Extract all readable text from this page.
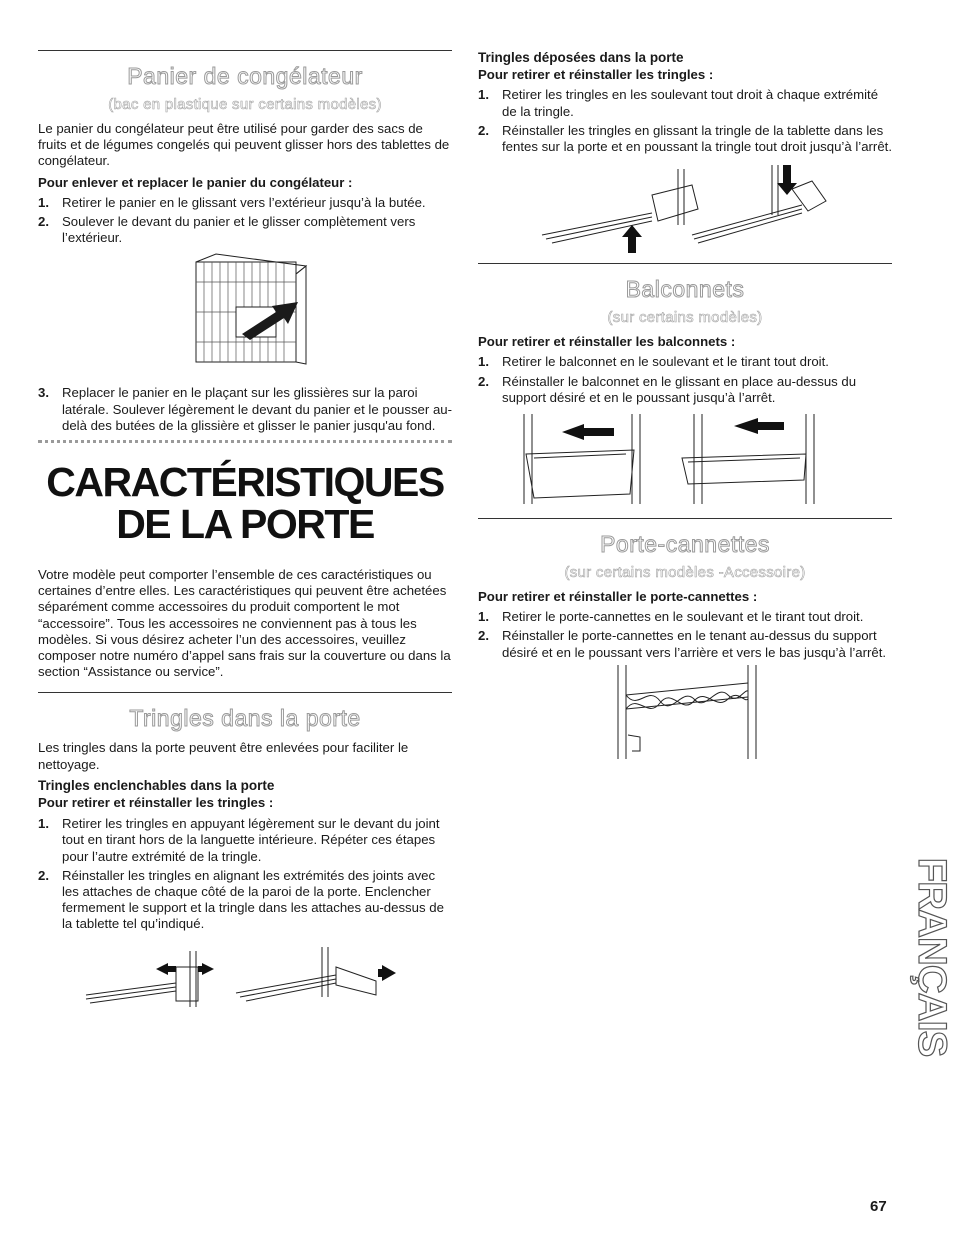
Panier de congélateur
(bac en plastique sur certains modèles)

Le panier du congélateur peut être utilisé pour garder des sacs de fruits et de légumes congelés qui peuvent glisser hors des tablettes de congélateur.

Pour enlever et replacer le panier du congélateur :

1. Retirer le panier en le glissant vers l’extérieur jusqu’à la butée.
2. Soulever le devant du panier et le glisser complètement vers l’extérieur.
3. Replacer le panier en le plaçant sur les glissières sur la paroi latérale. Soulever légèrement le devant du panier et le pousser au-delà des butées de la glissière et glisser le panier jusqu'au fond.
CARACTÉRISTIQUES
DE LA PORTE

Votre modèle peut comporter l’ensemble de ces caractéristiques ou certaines d’entre elles. Les caractéristiques qui peuvent être achetées séparément comme accessoires du produit comportent le mot “accessoire”. Tous les accessoires ne conviennent pas à tous les modèles. Si vous désirez acheter l’un des accessoires, veuillez composer notre numéro d’appel sans frais sur la couverture ou dans la section “Assistance ou service”.

Tringles dans la porte

Les tringles dans la porte peuvent être enlevées pour faciliter le nettoyage.

Tringles enclenchables dans la porte

Pour retirer et réinstaller les tringles :

1. Retirer les tringles en appuyant légèrement sur le devant du joint tout en tirant hors de la languette intérieure. Répéter ces étapes pour l’autre extrémité de la tringle.
2. Réinstaller les tringles en alignant les extrémités des joints avec les attaches de chaque côté de la paroi de la porte. Enclencher fermement le support et la tringle dans les attaches au-dessus de la tablette tel qu’indiqué.

Tringles déposées dans la porte

Pour retirer et réinstaller les tringles :

1. Retirer les tringles en les soulevant tout droit à chaque extrémité de la tringle.
2. Réinstaller les tringles en glissant la tringle de la tablette dans les fentes sur la porte et en poussant la tringle tout droit jusqu’à l’arrêt.
Balconnets
(sur certains modèles)

Pour retirer et réinstaller les balconnets :

1. Retirer le balconnet en le soulevant et le tirant tout droit.
2. Réinstaller le balconnet en le glissant en place au-dessus du support désiré et en le poussant jusqu’à l’arrêt.
Porte-cannettes
(sur certains modèles -Accessoire)

Pour retirer et réinstaller le porte-cannettes :

1. Retirer le porte-cannettes en le soulevant et le tirant tout droit.
2. Réinstaller le porte-cannettes en le tenant au-dessus du support désiré et en le poussant vers l’arrière et vers le bas jusqu’à l’arrêt.
FRANÇAIS
67
